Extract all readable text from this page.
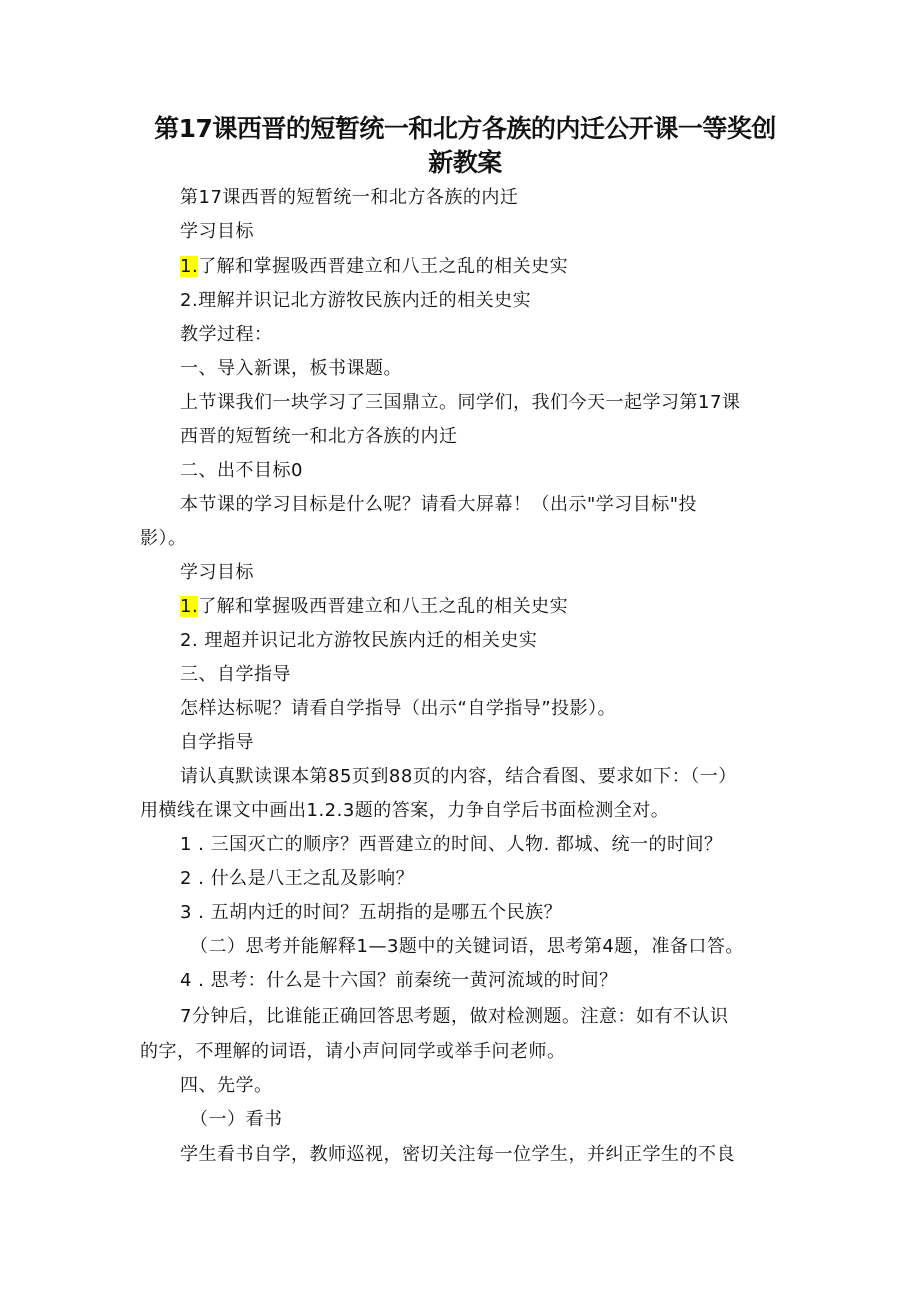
第17课西晋的短暂统一和北方各族的内迁公开课一等奖创
新教案
第17课西晋的短暂统一和北方各族的内迁
学习目标
1.了解和掌握吸西晋建立和八王之乱的相关史实
2.理解并识记北方游牧民族内迁的相关史实
教学过程：
一、导入新课，板书课题。
上节课我们一块学习了三国鼎立。同学们，我们今天一起学习第17课
西晋的短暂统一和北方各族的内迁
二、出不目标0
本节课的学习目标是什么呢？请看大屏幕！（出示"学习目标"投
影）。
学习目标
1.了解和掌握吸西晋建立和八王之乱的相关史实
2. 理超并识记北方游牧民族内迁的相关史实
三、自学指导
怎样达标呢？请看自学指导（出示“自学指导”投影）。
自学指导
请认真默读课本第85页到88页的内容，结合看图、要求如下：（一）
用横线在课文中画出1.2.3题的答案，力争自学后书面检测全对。
1 . 三国灭亡的顺序？西晋建立的时间、人物. 都城、统一的时间？
2 . 什么是八王之乱及影响？
3 . 五胡内迁的时间？五胡指的是哪五个民族？
（二）思考并能解释1—3题中的关键词语，思考第4题，准备口答。
4 . 思考：什么是十六国？前秦统一黄河流域的时间？
7分钟后，比谁能正确回答思考题，做对检测题。注意：如有不认识
的字，不理解的词语，请小声问同学或举手问老师。
四、先学。
（一）看书
学生看书自学，教师巡视，密切关注每一位学生，并纠正学生的不良
